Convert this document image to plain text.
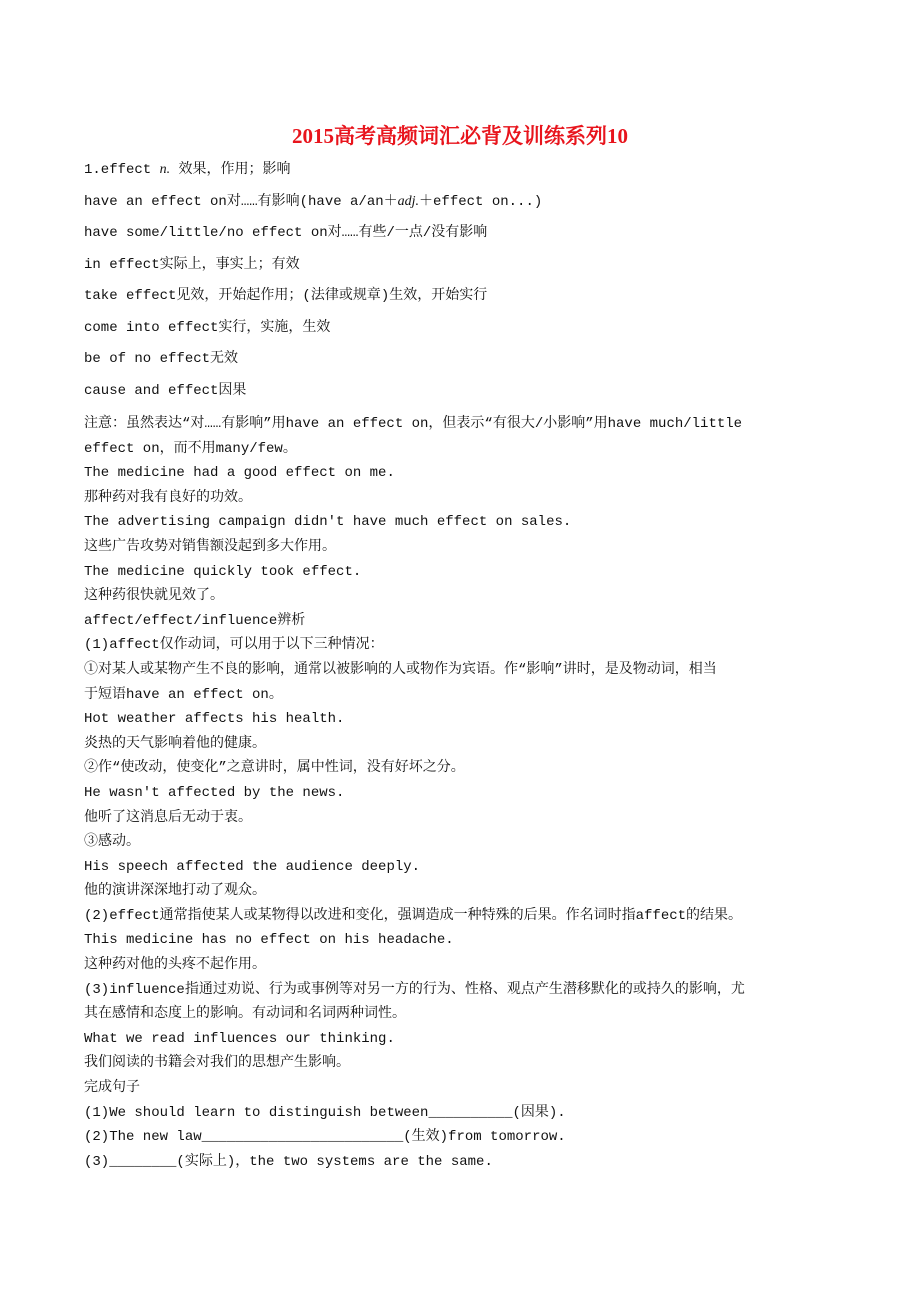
2015高考高频词汇必背及训练系列10
1.effect n. 效果，作用；影响
have an effect on对……有影响(have a/an＋adj.＋effect on...)
have some/little/no effect on对……有些/一点/没有影响
in effect实际上，事实上；有效
take effect见效，开始起作用；(法律或规章)生效，开始实行
come into effect实行，实施，生效
be of no effect无效
cause and effect因果
注意：虽然表达“对……有影响”用have an effect on，但表示“有很大/小影响”用have much/little
effect on，而不用many/few。
The medicine had a good effect on me.
那种药对我有良好的功效。
The advertising campaign didn't have much effect on sales.
这些广告攻势对销售额没起到多大作用。
The medicine quickly took effect.
这种药很快就见效了。
affect/effect/influence辨析
(1)affect仅作动词，可以用于以下三种情况：
①对某人或某物产生不良的影响，通常以被影响的人或物作为宾语。作“影响”讲时，是及物动词，相当
于短语have an effect on。
Hot weather affects his health.
炎热的天气影响着他的健康。
②作“使改动，使变化”之意讲时，属中性词，没有好坏之分。
He wasn't affected by the news.
他听了这消息后无动于衷。
③感动。
His speech affected the audience deeply.
他的演讲深深地打动了观众。
(2)effect通常指使某人或某物得以改进和变化，强调造成一种特殊的后果。作名词时指affect的结果。
This medicine has no effect on his headache.
这种药对他的头疼不起作用。
(3)influence指通过劝说、行为或事例等对另一方的行为、性格、观点产生潜移默化的或持久的影响，尤
其在感情和态度上的影响。有动词和名词两种词性。
What we read influences our thinking.
我们阅读的书籍会对我们的思想产生影响。
完成句子
(1)We should learn to distinguish between__________(因果).
(2)The new law________________________(生效)from tomorrow.
(3)________(实际上)，the two systems are the same.
